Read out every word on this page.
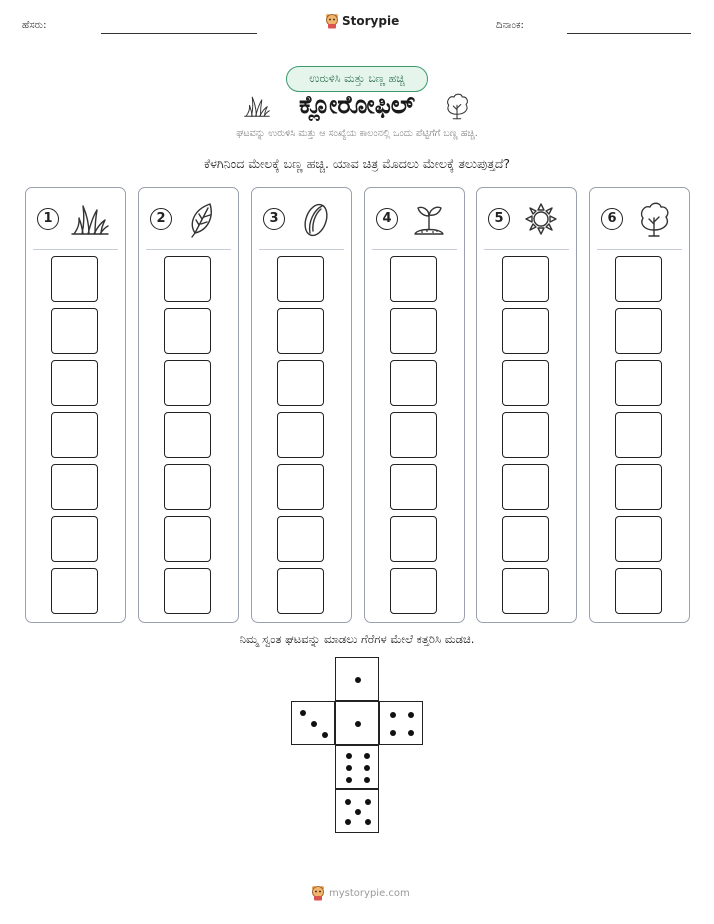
ಹೆಸರು:	Storypie	ದಿನಾಂಕ:
ಉರುಳಿಸಿ ಮತ್ತು ಬಣ್ಣ ಹಚ್ಚಿ
ಕ್ಲೋರೋಫಿಲ್
ಘಟವನ್ನು ಉರುಳಿಸಿ ಮತ್ತು ಆ ಸಂಖ್ಯೆಯ ಕಾಲಂನಲ್ಲಿ ಒಂದು ಪೆಟ್ಟಿಗೆಗೆ ಬಣ್ಣ ಹಚ್ಚಿ.
ಕೆಳಗಿನಿಂದ ಮೇಲಕ್ಕೆ ಬಣ್ಣ ಹಚ್ಚಿ. ಯಾವ ಚಿತ್ರ ಮೊದಲು ಮೇಲಕ್ಕೆ ತಲುಪುತ್ತದೆ?
1	2	3	4	5	6
ನಿಮ್ಮ ಸ್ವಂತ ಘಟವನ್ನು ಮಾಡಲು ಗೆರೆಗಳ ಮೇಲೆ ಕತ್ತರಿಸಿ ಮಡಚಿ.
mystorypie.com
